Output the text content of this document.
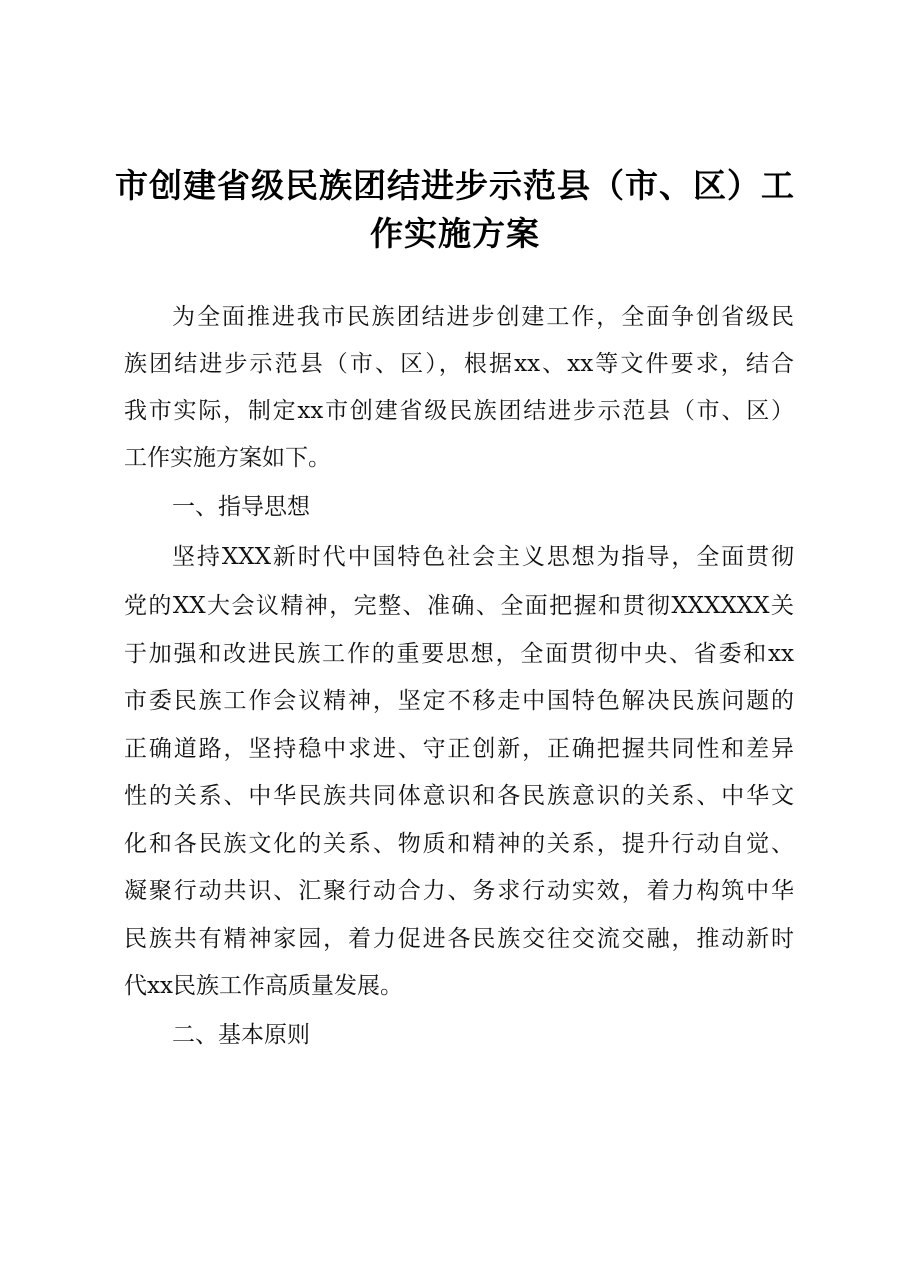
市创建省级民族团结进步示范县（市、区）工
作实施方案
为全面推进我市民族团结进步创建工作，全面争创省级民
族团结进步示范县（市、区），根据xx、xx等文件要求，结合
我市实际，制定xx市创建省级民族团结进步示范县（市、区）
工作实施方案如下。
一、指导思想
坚持XXX新时代中国特色社会主义思想为指导，全面贯彻
党的XX大会议精神，完整、准确、全面把握和贯彻XXXXXX关
于加强和改进民族工作的重要思想，全面贯彻中央、省委和xx
市委民族工作会议精神，坚定不移走中国特色解决民族问题的
正确道路，坚持稳中求进、守正创新，正确把握共同性和差异
性的关系、中华民族共同体意识和各民族意识的关系、中华文
化和各民族文化的关系、物质和精神的关系，提升行动自觉、
凝聚行动共识、汇聚行动合力、务求行动实效，着力构筑中华
民族共有精神家园，着力促进各民族交往交流交融，推动新时
代xx民族工作高质量发展。
二、基本原则
